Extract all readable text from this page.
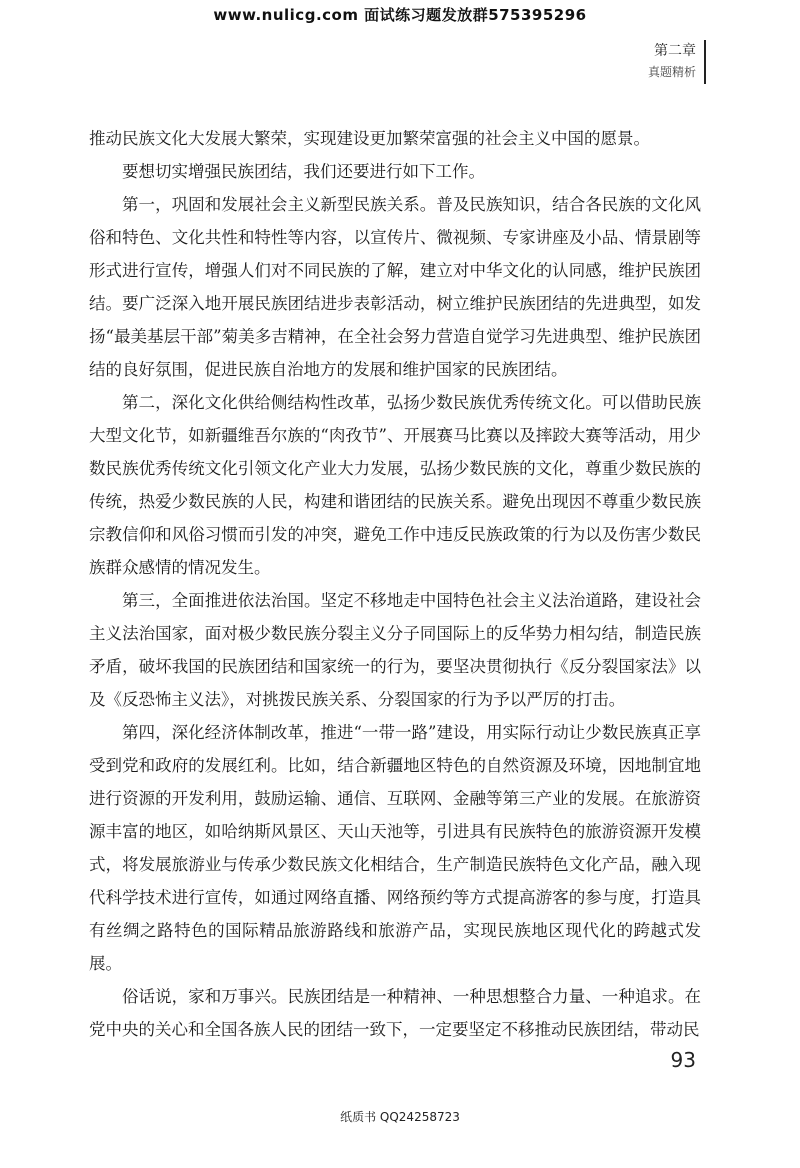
www.nulicg.com 面试练习题发放群575395296
第二章
真题精析

推动民族文化大发展大繁荣，实现建设更加繁荣富强的社会主义中国的愿景。

要想切实增强民族团结，我们还要进行如下工作。

第一，巩固和发展社会主义新型民族关系。普及民族知识，结合各民族的文化风俗和特色、文化共性和特性等内容，以宣传片、微视频、专家讲座及小品、情景剧等形式进行宣传，增强人们对不同民族的了解，建立对中华文化的认同感，维护民族团结。要广泛深入地开展民族团结进步表彰活动，树立维护民族团结的先进典型，如发扬“最美基层干部”菊美多吉精神，在全社会努力营造自觉学习先进典型、维护民族团结的良好氛围，促进民族自治地方的发展和维护国家的民族团结。

第二，深化文化供给侧结构性改革，弘扬少数民族优秀传统文化。可以借助民族大型文化节，如新疆维吾尔族的“肉孜节”、开展赛马比赛以及摔跤大赛等活动，用少数民族优秀传统文化引领文化产业大力发展，弘扬少数民族的文化，尊重少数民族的传统，热爱少数民族的人民，构建和谐团结的民族关系。避免出现因不尊重少数民族宗教信仰和风俗习惯而引发的冲突，避免工作中违反民族政策的行为以及伤害少数民族群众感情的情况发生。

第三，全面推进依法治国。坚定不移地走中国特色社会主义法治道路，建设社会主义法治国家，面对极少数民族分裂主义分子同国际上的反华势力相勾结，制造民族矛盾，破坏我国的民族团结和国家统一的行为，要坚决贯彻执行《反分裂国家法》以及《反恐怖主义法》，对挑拨民族关系、分裂国家的行为予以严厉的打击。

第四，深化经济体制改革，推进“一带一路”建设，用实际行动让少数民族真正享受到党和政府的发展红利。比如，结合新疆地区特色的自然资源及环境，因地制宜地进行资源的开发利用，鼓励运输、通信、互联网、金融等第三产业的发展。在旅游资源丰富的地区，如哈纳斯风景区、天山天池等，引进具有民族特色的旅游资源开发模式，将发展旅游业与传承少数民族文化相结合，生产制造民族特色文化产品，融入现代科学技术进行宣传，如通过网络直播、网络预约等方式提高游客的参与度，打造具有丝绸之路特色的国际精品旅游路线和旅游产品，实现民族地区现代化的跨越式发展。

俗话说，家和万事兴。民族团结是一种精神、一种思想整合力量、一种追求。在党中央的关心和全国各族人民的团结一致下，一定要坚定不移推动民族团结，带动民

93
纸质书 QQ24258723
